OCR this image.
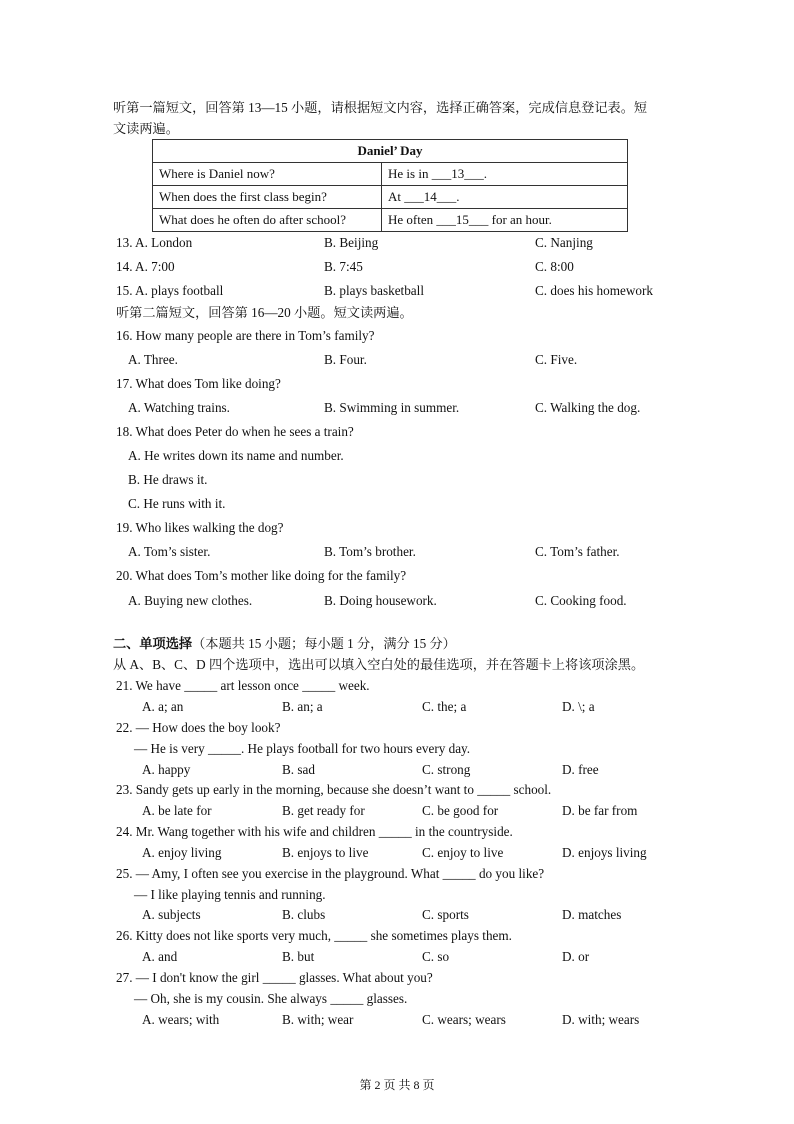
听第一篇短文，回答第 13—15 小题，请根据短文内容，选择正确答案，完成信息登记表。短
文读两遍。
Daniel’ Day	
Where is Daniel now?	He is in ___13___.
When does the first class begin?	At ___14___.
What does he often do after school?	He often ___15___ for an hour.
13. A. London	B. Beijing	C. Nanjing
14. A. 7:00	B. 7:45	C. 8:00
15. A. plays football	B. plays basketball	C. does his homework
听第二篇短文，回答第 16—20 小题。短文读两遍。
16. How many people are there in Tom’s family?
A. Three.	B. Four.	C. Five.
17. What does Tom like doing?
A. Watching trains.	B. Swimming in summer.	C. Walking the dog.
18. What does Peter do when he sees a train?
A. He writes down its name and number.
B. He draws it.
C. He runs with it.
19. Who likes walking the dog?
A. Tom’s sister.	B. Tom’s brother.	C. Tom’s father.
20. What does Tom’s mother like doing for the family?
A. Buying new clothes.	B. Doing housework.	C. Cooking food.
二、单项选择（本题共 15 小题；每小题 1 分，满分 15 分）
从 A、B、C、D 四个选项中，选出可以填入空白处的最佳选项，并在答题卡上将该项涂黑。
21. We have _____ art lesson once _____ week.
A. a; an	B. an; a	C. the; a	D. \; a
22. — How does the boy look?
— He is very _____. He plays football for two hours every day.
A. happy	B. sad	C. strong	D. free
23. Sandy gets up early in the morning, because she doesn’t want to _____ school.
A. be late for	B. get ready for	C. be good for	D. be far from
24. Mr. Wang together with his wife and children _____ in the countryside.
A. enjoy living	B. enjoys to live	C. enjoy to live	D. enjoys living
25. — Amy, I often see you exercise in the playground. What _____ do you like?
— I like playing tennis and running.
A. subjects	B. clubs	C. sports	D. matches
26. Kitty does not like sports very much, _____ she sometimes plays them.
A. and	B. but	C. so	D. or
27. — I don't know the girl _____ glasses. What about you?
— Oh, she is my cousin. She always _____ glasses.
A. wears; with	B. with; wear	C. wears; wears	D. with; wears
第 2 页 共 8 页
